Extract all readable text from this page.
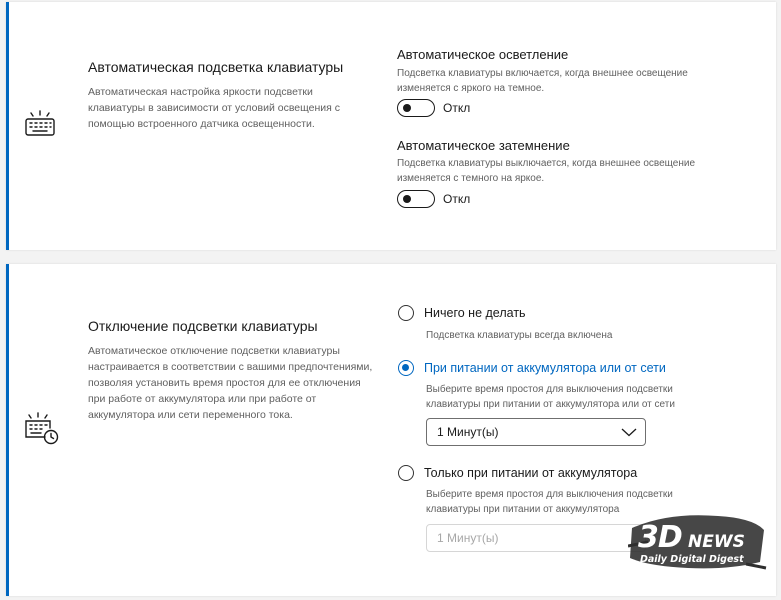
Автоматическая подсветка клавиатуры
Автоматическая настройка яркости подсветки клавиатуры в зависимости от условий освещения с помощью встроенного датчика освещенности.
Автоматическое осветление
Подсветка клавиатуры включается, когда внешнее освещение изменяется с яркого на темное.
Откл
Автоматическое затемнение
Подсветка клавиатуры выключается, когда внешнее освещение изменяется с темного на яркое.
Откл
Отключение подсветки клавиатуры
Автоматическое отключение подсветки клавиатуры настраивается в соответствии с вашими предпочтениями, позволяя установить время простоя для ее отключения при работе от аккумулятора или при работе от аккумулятора или сети переменного тока.
Ничего не делать
Подсветка клавиатуры всегда включена
При питании от аккумулятора или от сети
Выберите время простоя для выключения подсветки клавиатуры при питании от аккумулятора или от сети
1 Минут(ы)
Только при питании от аккумулятора
Выберите время простоя для выключения подсветки клавиатуры при питании от аккумулятора
1 Минут(ы)	3D NEWS
Daily Digital Digest
